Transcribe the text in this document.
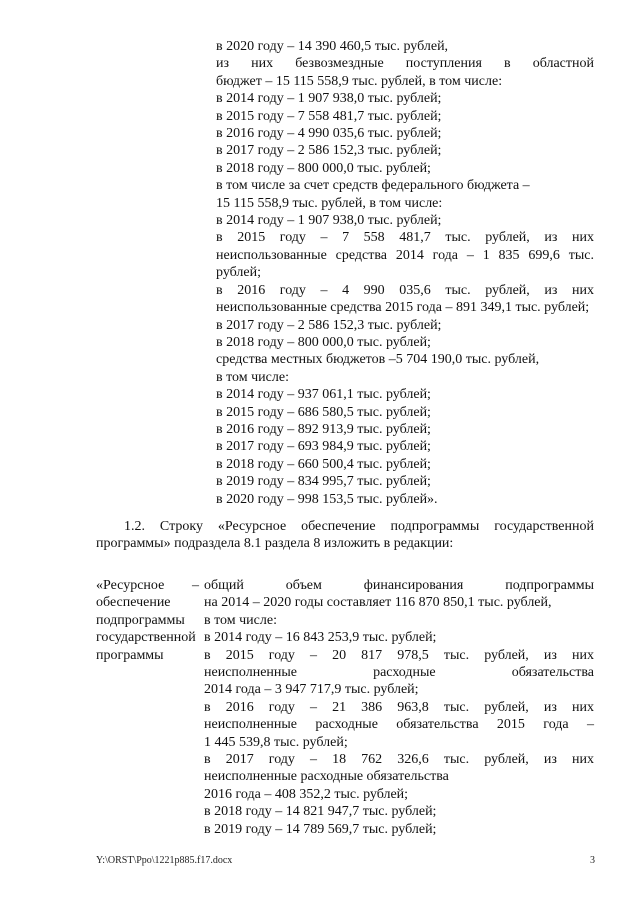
в 2020 году – 14 390 460,5 тыс. рублей,
из них безвозмездные поступления в областной
бюджет – 15 115 558,9 тыс. рублей, в том числе:
в 2014 году – 1 907 938,0 тыс. рублей;
в 2015 году – 7 558 481,7 тыс. рублей;
в 2016 году – 4 990 035,6 тыс. рублей;
в 2017 году – 2 586 152,3 тыс. рублей;
в 2018 году – 800 000,0 тыс. рублей;
в том числе за счет средств федерального бюджета –
15 115 558,9 тыс. рублей, в том числе:
в 2014 году – 1 907 938,0 тыс. рублей;
в 2015 году – 7 558 481,7 тыс. рублей, из них
неиспользованные средства 2014 года – 1 835 699,6 тыс.
рублей;
в 2016 году – 4 990 035,6 тыс. рублей, из них
неиспользованные средства 2015 года – 891 349,1 тыс. рублей;
в 2017 году – 2 586 152,3 тыс. рублей;
в 2018 году – 800 000,0 тыс. рублей;
средства местных бюджетов –5 704 190,0 тыс. рублей,
в том числе:
в 2014 году – 937 061,1 тыс. рублей;
в 2015 году – 686 580,5 тыс. рублей;
в 2016 году – 892 913,9 тыс. рублей;
в 2017 году – 693 984,9 тыс. рублей;
в 2018 году – 660 500,4 тыс. рублей;
в 2019 году – 834 995,7 тыс. рублей;
в 2020 году – 998 153,5 тыс. рублей».
1.2. Строку «Ресурсное обеспечение подпрограммы государственной
программы» подраздела 8.1 раздела 8 изложить в редакции:
«Ресурсное
обеспечение
подпрограммы
государственной
программы
– общий объем финансирования подпрограммы
на 2014 – 2020 годы составляет 116 870 850,1 тыс. рублей,
в том числе:
в 2014 году – 16 843 253,9 тыс. рублей;
в 2015 году – 20 817 978,5 тыс. рублей, из них
неисполненные расходные обязательства
2014 года – 3 947 717,9 тыс. рублей;
в 2016 году – 21 386 963,8 тыс. рублей, из них
неисполненные расходные обязательства 2015 года –
1 445 539,8 тыс. рублей;
в 2017 году – 18 762 326,6 тыс. рублей, из них
неисполненные расходные обязательства
2016 года – 408 352,2 тыс. рублей;
в 2018 году – 14 821 947,7 тыс. рублей;
в 2019 году – 14 789 569,7 тыс. рублей;
Y:\ORST\Ppo\1221p885.f17.docx	3
